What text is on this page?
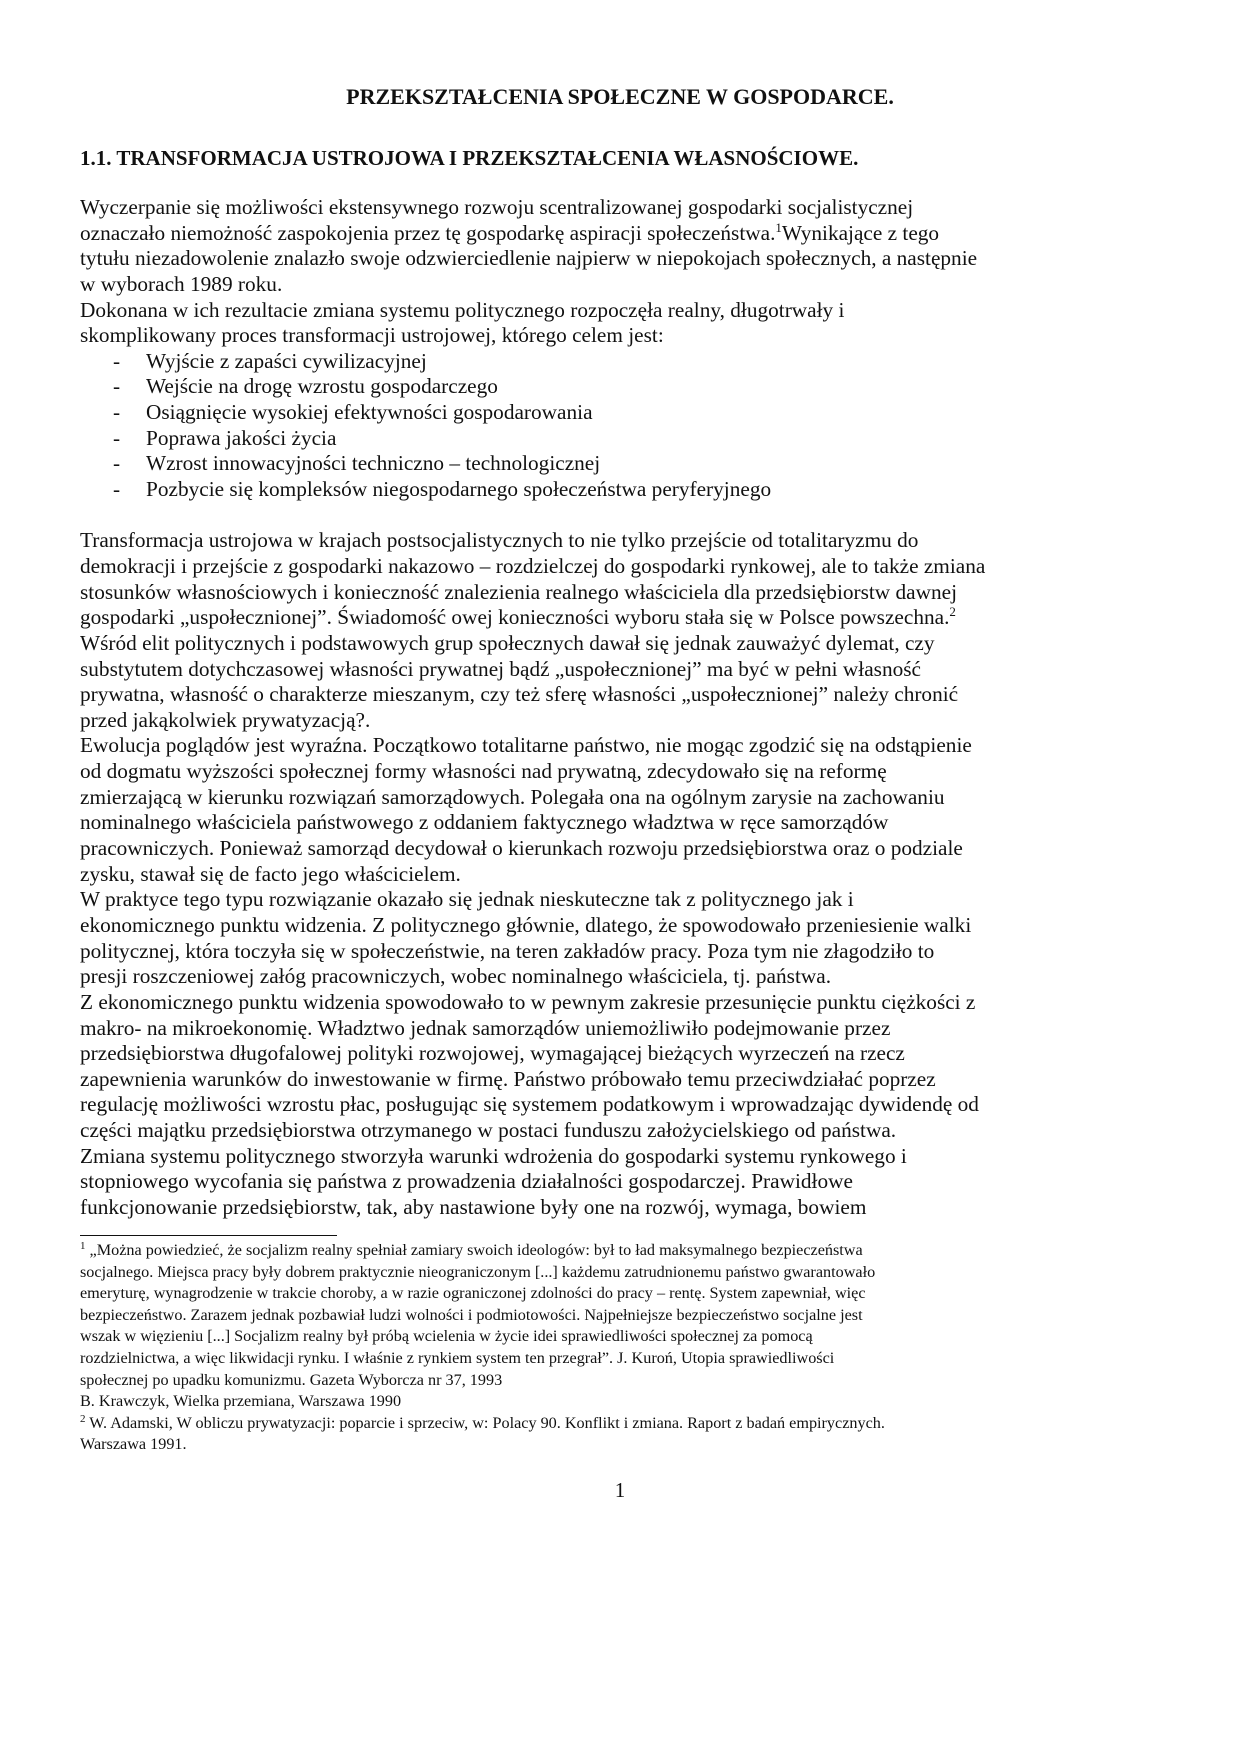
PRZEKSZTAŁCENIA SPOŁECZNE W GOSPODARCE.
1.1. TRANSFORMACJA USTROJOWA I PRZEKSZTAŁCENIA WŁASNOŚCIOWE.
Wyczerpanie się możliwości ekstensywnego rozwoju scentralizowanej gospodarki socjalistycznej
oznaczało niemożność zaspokojenia przez tę gospodarkę aspiracji społeczeństwa.$^1$Wynikające z tego
tytułu niezadowolenie znalazło swoje odzwierciedlenie najpierw w niepokojach społecznych, a następnie
w wyborach 1989 roku.
Dokonana w ich rezultacie zmiana systemu politycznego rozpoczęła realny, długotrwały i
skomplikowany proces transformacji ustrojowej, którego celem jest:
- Wyjście z zapaści cywilizacyjnej
- Wejście na drogę wzrostu gospodarczego
- Osiągnięcie wysokiej efektywności gospodarowania
- Poprawa jakości życia
- Wzrost innowacyjności techniczno – technologicznej
- Pozbycie się kompleksów niegospodarnego społeczeństwa peryferyjnego
Transformacja ustrojowa w krajach postsocjalistycznych to nie tylko przejście od totalitaryzmu do
demokracji i przejście z gospodarki nakazowo – rozdzielczej do gospodarki rynkowej, ale to także zmiana
stosunków własnościowych i konieczność znalezienia realnego właściciela dla przedsiębiorstw dawnej
gospodarki „uspołecznionej”. Świadomość owej konieczności wyboru stała się w Polsce powszechna.$^2$
Wśród elit politycznych i podstawowych grup społecznych dawał się jednak zauważyć dylemat, czy
substytutem dotychczasowej własności prywatnej bądź „uspołecznionej” ma być w pełni własność
prywatna, własność o charakterze mieszanym, czy też sferę własności „uspołecznionej” należy chronić
przed jakąkolwiek prywatyzacją?.
Ewolucja poglądów jest wyraźna. Początkowo totalitarne państwo, nie mogąc zgodzić się na odstąpienie
od dogmatu wyższości społecznej formy własności nad prywatną, zdecydowało się na reformę
zmierzającą w kierunku rozwiązań samorządowych. Polegała ona na ogólnym zarysie na zachowaniu
nominalnego właściciela państwowego z oddaniem faktycznego władztwa w ręce samorządów
pracowniczych. Ponieważ samorząd decydował o kierunkach rozwoju przedsiębiorstwa oraz o podziale
zysku, stawał się de facto jego właścicielem.
W praktyce tego typu rozwiązanie okazało się jednak nieskuteczne tak z politycznego jak i
ekonomicznego punktu widzenia. Z politycznego głównie, dlatego, że spowodowało przeniesienie walki
politycznej, która toczyła się w społeczeństwie, na teren zakładów pracy. Poza tym nie złagodziło to
presji roszczeniowej załóg pracowniczych, wobec nominalnego właściciela, tj. państwa.
Z ekonomicznego punktu widzenia spowodowało to w pewnym zakresie przesunięcie punktu ciężkości z
makro- na mikroekonomię. Władztwo jednak samorządów uniemożliwiło podejmowanie przez
przedsiębiorstwa długofalowej polityki rozwojowej, wymagającej bieżących wyrzeczeń na rzecz
zapewnienia warunków do inwestowanie w firmę. Państwo próbowało temu przeciwdziałać poprzez
regulację możliwości wzrostu płac, posługując się systemem podatkowym i wprowadzając dywidendę od
części majątku przedsiębiorstwa otrzymanego w postaci funduszu założycielskiego od państwa.
Zmiana systemu politycznego stworzyła warunki wdrożenia do gospodarki systemu rynkowego i
stopniowego wycofania się państwa z prowadzenia działalności gospodarczej. Prawidłowe
funkcjonowanie przedsiębiorstw, tak, aby nastawione były one na rozwój, wymaga, bowiem
$^1$ „Można powiedzieć, że socjalizm realny spełniał zamiary swoich ideologów: był to ład maksymalnego bezpieczeństwa
socjalnego. Miejsca pracy były dobrem praktycznie nieograniczonym [...] każdemu zatrudnionemu państwo gwarantowało
emeryturę, wynagrodzenie w trakcie choroby, a w razie ograniczonej zdolności do pracy – rentę. System zapewniał, więc
bezpieczeństwo. Zarazem jednak pozbawiał ludzi wolności i podmiotowości. Najpełniejsze bezpieczeństwo socjalne jest
wszak w więzieniu [...] Socjalizm realny był próbą wcielenia w życie idei sprawiedliwości społecznej za pomocą
rozdzielnictwa, a więc likwidacji rynku. I właśnie z rynkiem system ten przegrał”. J. Kuroń, Utopia sprawiedliwości
społecznej po upadku komunizmu. Gazeta Wyborcza nr 37, 1993
B. Krawczyk, Wielka przemiana, Warszawa 1990
$^2$ W. Adamski, W obliczu prywatyzacji: poparcie i sprzeciw, w: Polacy 90. Konflikt i zmiana. Raport z badań empirycznych.
Warszawa 1991.
1
